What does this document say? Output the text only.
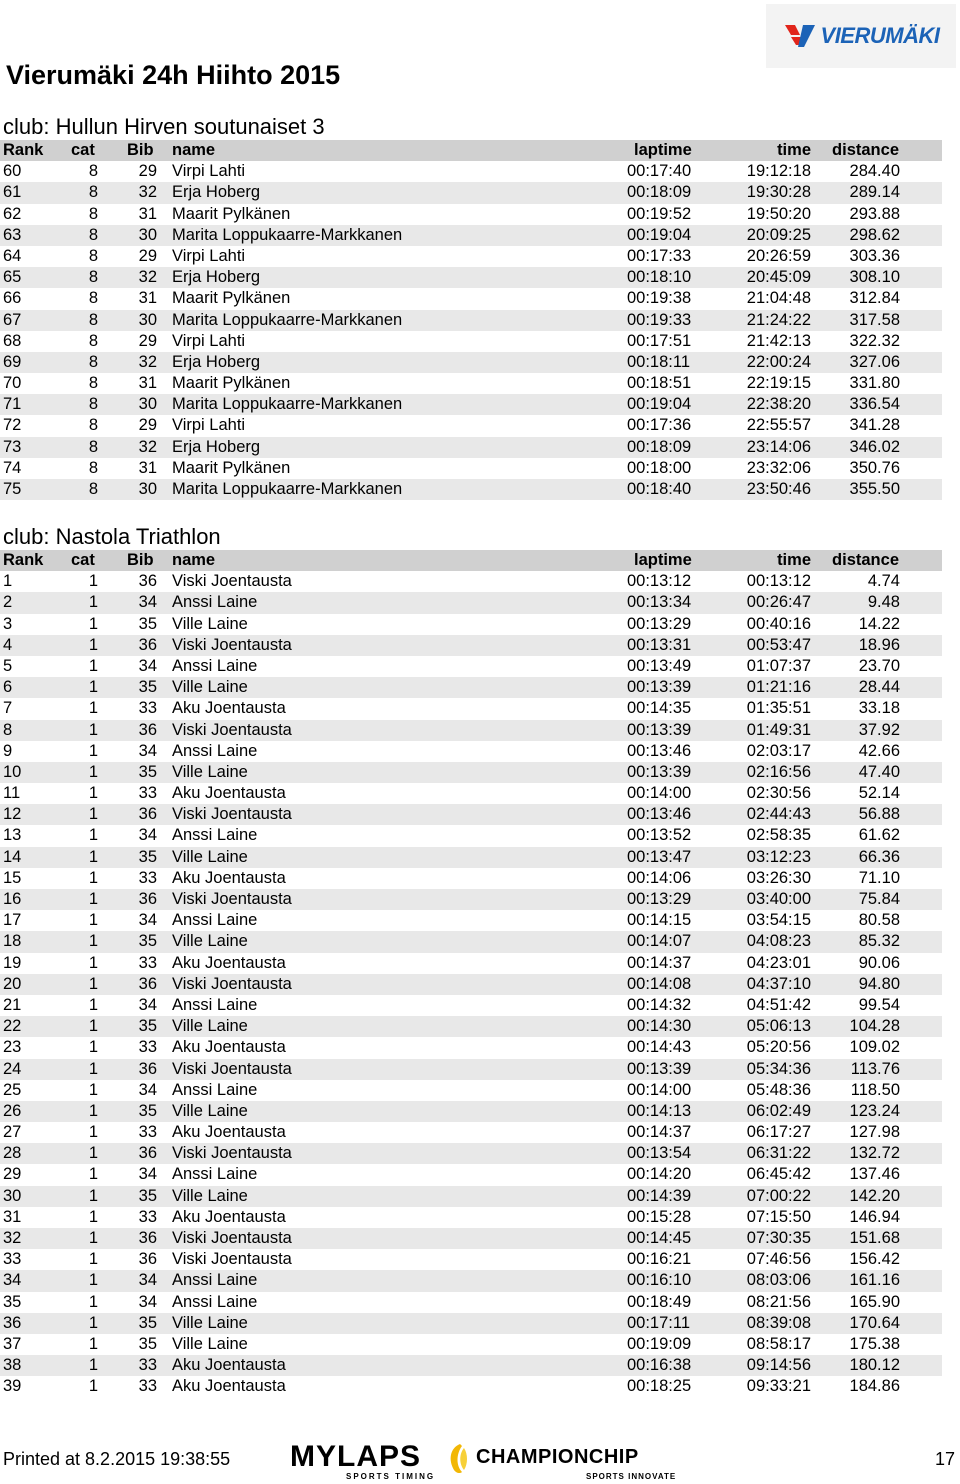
VIERUMÄKI
Vierumäki 24h Hiihto 2015
club: Hullun Hirven soutunaiset 3
Rank cat Bib name	laptime	time distance
60	8	29 Virpi Lahti	00:17:40	19:12:18 284.40
61	8	32 Erja Hoberg	00:18:09	19:30:28 289.14
62	8	31 Maarit Pylkänen	00:19:52	19:50:20 293.88
63	8	30 Marita Loppukaarre-Markkanen	00:19:04	20:09:25 298.62
64	8	29 Virpi Lahti	00:17:33	20:26:59 303.36
65	8	32 Erja Hoberg	00:18:10	20:45:09 308.10
66	8	31 Maarit Pylkänen	00:19:38	21:04:48 312.84
67	8	30 Marita Loppukaarre-Markkanen	00:19:33	21:24:22 317.58
68	8	29 Virpi Lahti	00:17:51	21:42:13 322.32
69	8	32 Erja Hoberg	00:18:11	22:00:24 327.06
70	8	31 Maarit Pylkänen	00:18:51	22:19:15 331.80
71	8	30 Marita Loppukaarre-Markkanen	00:19:04	22:38:20 336.54
72	8	29 Virpi Lahti	00:17:36	22:55:57 341.28
73	8	32 Erja Hoberg	00:18:09	23:14:06 346.02
74	8	31 Maarit Pylkänen	00:18:00	23:32:06 350.76
75	8	30 Marita Loppukaarre-Markkanen	00:18:40	23:50:46 355.50
club: Nastola Triathlon
Rank cat Bib name	laptime	time distance
1	1	36 Viski Joentausta	00:13:12	00:13:12	4.74
2	1	34 Anssi Laine	00:13:34	00:26:47	9.48
3	1	35 Ville Laine	00:13:29	00:40:16	14.22
4	1	36 Viski Joentausta	00:13:31	00:53:47	18.96
5	1	34 Anssi Laine	00:13:49	01:07:37	23.70
6	1	35 Ville Laine	00:13:39	01:21:16	28.44
7	1	33 Aku Joentausta	00:14:35	01:35:51	33.18
8	1	36 Viski Joentausta	00:13:39	01:49:31	37.92
9	1	34 Anssi Laine	00:13:46	02:03:17	42.66
10	1	35 Ville Laine	00:13:39	02:16:56	47.40
11	1	33 Aku Joentausta	00:14:00	02:30:56	52.14
12	1	36 Viski Joentausta	00:13:46	02:44:43	56.88
13	1	34 Anssi Laine	00:13:52	02:58:35	61.62
14	1	35 Ville Laine	00:13:47	03:12:23	66.36
15	1	33 Aku Joentausta	00:14:06	03:26:30	71.10
16	1	36 Viski Joentausta	00:13:29	03:40:00	75.84
17	1	34 Anssi Laine	00:14:15	03:54:15	80.58
18	1	35 Ville Laine	00:14:07	04:08:23	85.32
19	1	33 Aku Joentausta	00:14:37	04:23:01	90.06
20	1	36 Viski Joentausta	00:14:08	04:37:10	94.80
21	1	34 Anssi Laine	00:14:32	04:51:42	99.54
22	1	35 Ville Laine	00:14:30	05:06:13 104.28
23	1	33 Aku Joentausta	00:14:43	05:20:56 109.02
24	1	36 Viski Joentausta	00:13:39	05:34:36 113.76
25	1	34 Anssi Laine	00:14:00	05:48:36 118.50
26	1	35 Ville Laine	00:14:13	06:02:49 123.24
27	1	33 Aku Joentausta	00:14:37	06:17:27 127.98
28	1	36 Viski Joentausta	00:13:54	06:31:22 132.72
29	1	34 Anssi Laine	00:14:20	06:45:42 137.46
30	1	35 Ville Laine	00:14:39	07:00:22 142.20
31	1	33 Aku Joentausta	00:15:28	07:15:50 146.94
32	1	36 Viski Joentausta	00:14:45	07:30:35 151.68
33	1	36 Viski Joentausta	00:16:21	07:46:56 156.42
34	1	34 Anssi Laine	00:16:10	08:03:06 161.16
35	1	34 Anssi Laine	00:18:49	08:21:56 165.90
36	1	35 Ville Laine	00:17:11	08:39:08 170.64
37	1	35 Ville Laine	00:19:09	08:58:17 175.38
38	1	33 Aku Joentausta	00:16:38	09:14:56 180.12
39	1	33 Aku Joentausta	00:18:25	09:33:21 184.86
Printed at 8.2.2015 19:38:55 MYLAPS
SPORTS TIMING
CHAMPIONCHIP
SPORTS INNOVATE
17
